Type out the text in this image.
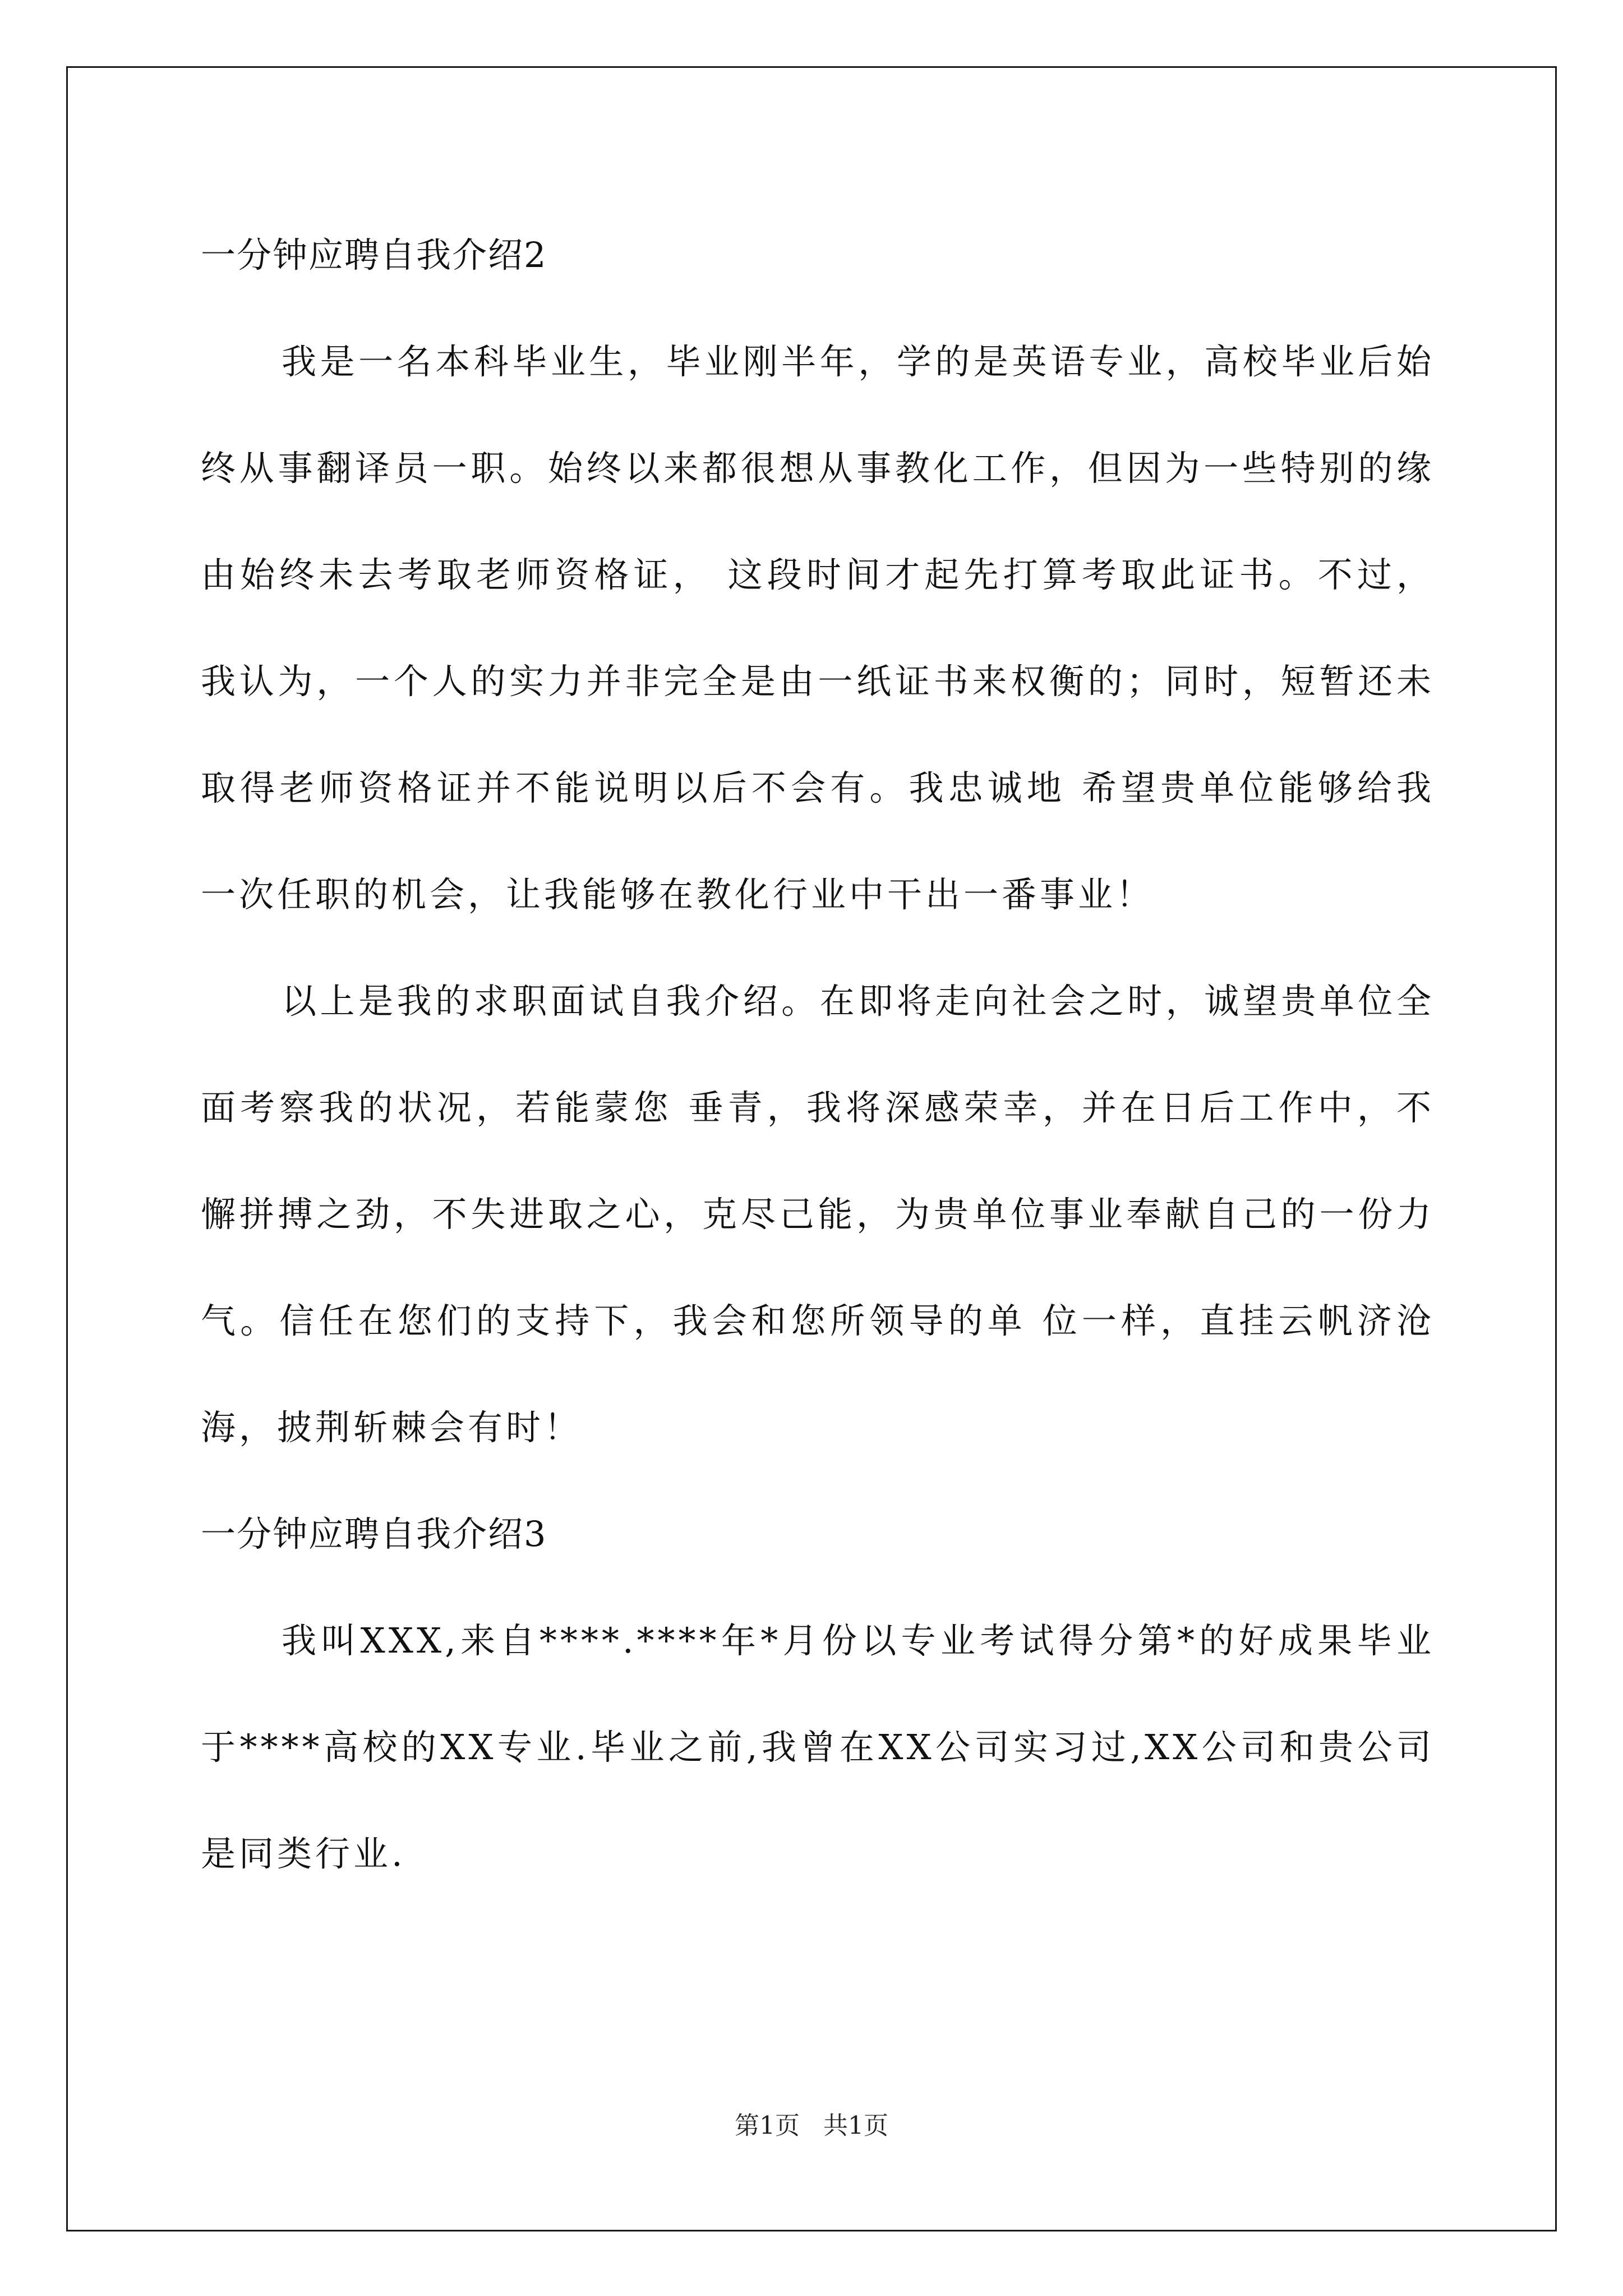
一分钟应聘自我介绍2

我是一名本科毕业生，毕业刚半年，学的是英语专业，高校毕业后始终从事翻译员一职。始终以来都很想从事教化工作，但因为一些特别的缘由始终未去考取老师资格证， 这段时间才起先打算考取此证书。不过，我认为，一个人的实力并非完全是由一纸证书来权衡的；同时，短暂还未取得老师资格证并不能说明以后不会有。我忠诚地 希望贵单位能够给我一次任职的机会，让我能够在教化行业中干出一番事业！

以上是我的求职面试自我介绍。在即将走向社会之时，诚望贵单位全面考察我的状况，若能蒙您 垂青，我将深感荣幸，并在日后工作中，不懈拼搏之劲，不失进取之心，克尽己能，为贵单位事业奉献自己的一份力气。信任在您们的支持下，我会和您所领导的单 位一样，直挂云帆济沧海，披荆斩棘会有时！

一分钟应聘自我介绍3

我叫XXX,来自****.****年*月份以专业考试得分第*的好成果毕业于****高校的XX专业.毕业之前,我曾在XX公司实习过,XX公司和贵公司是同类行业.

第1页 共1页
